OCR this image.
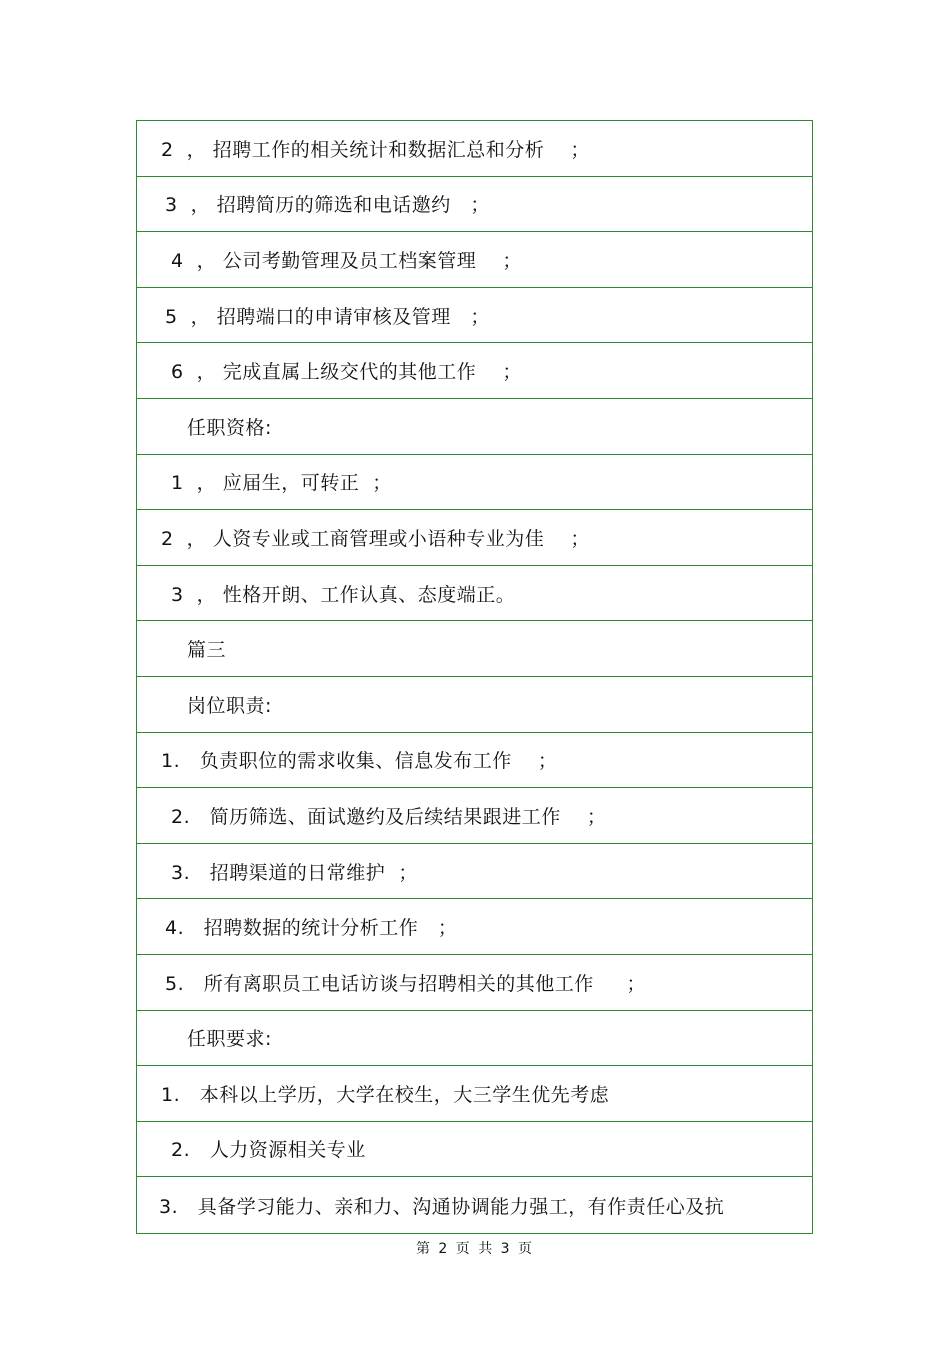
2  ， 招聘工作的相关统计和数据汇总和分析    ；
3  ， 招聘简历的筛选和电话邀约   ；
4  ， 公司考勤管理及员工档案管理    ；
5  ， 招聘端口的申请审核及管理   ；
6  ， 完成直属上级交代的其他工作    ；
任职资格:
1  ， 应届生，可转正  ；
2  ， 人资专业或工商管理或小语种专业为佳    ；
3  ， 性格开朗、工作认真、态度端正。
篇三
岗位职责:
1.   负责职位的需求收集、信息发布工作    ；
2.   简历筛选、面试邀约及后续结果跟进工作    ；
3.   招聘渠道的日常维护  ；
4.   招聘数据的统计分析工作   ；
5.   所有离职员工电话访谈与招聘相关的其他工作     ；
任职要求:
1.   本科以上学历，大学在校生，大三学生优先考虑
2.   人力资源相关专业
3.   具备学习能力、亲和力、沟通协调能力强工，有作责任心及抗
第 2 页 共 3 页
